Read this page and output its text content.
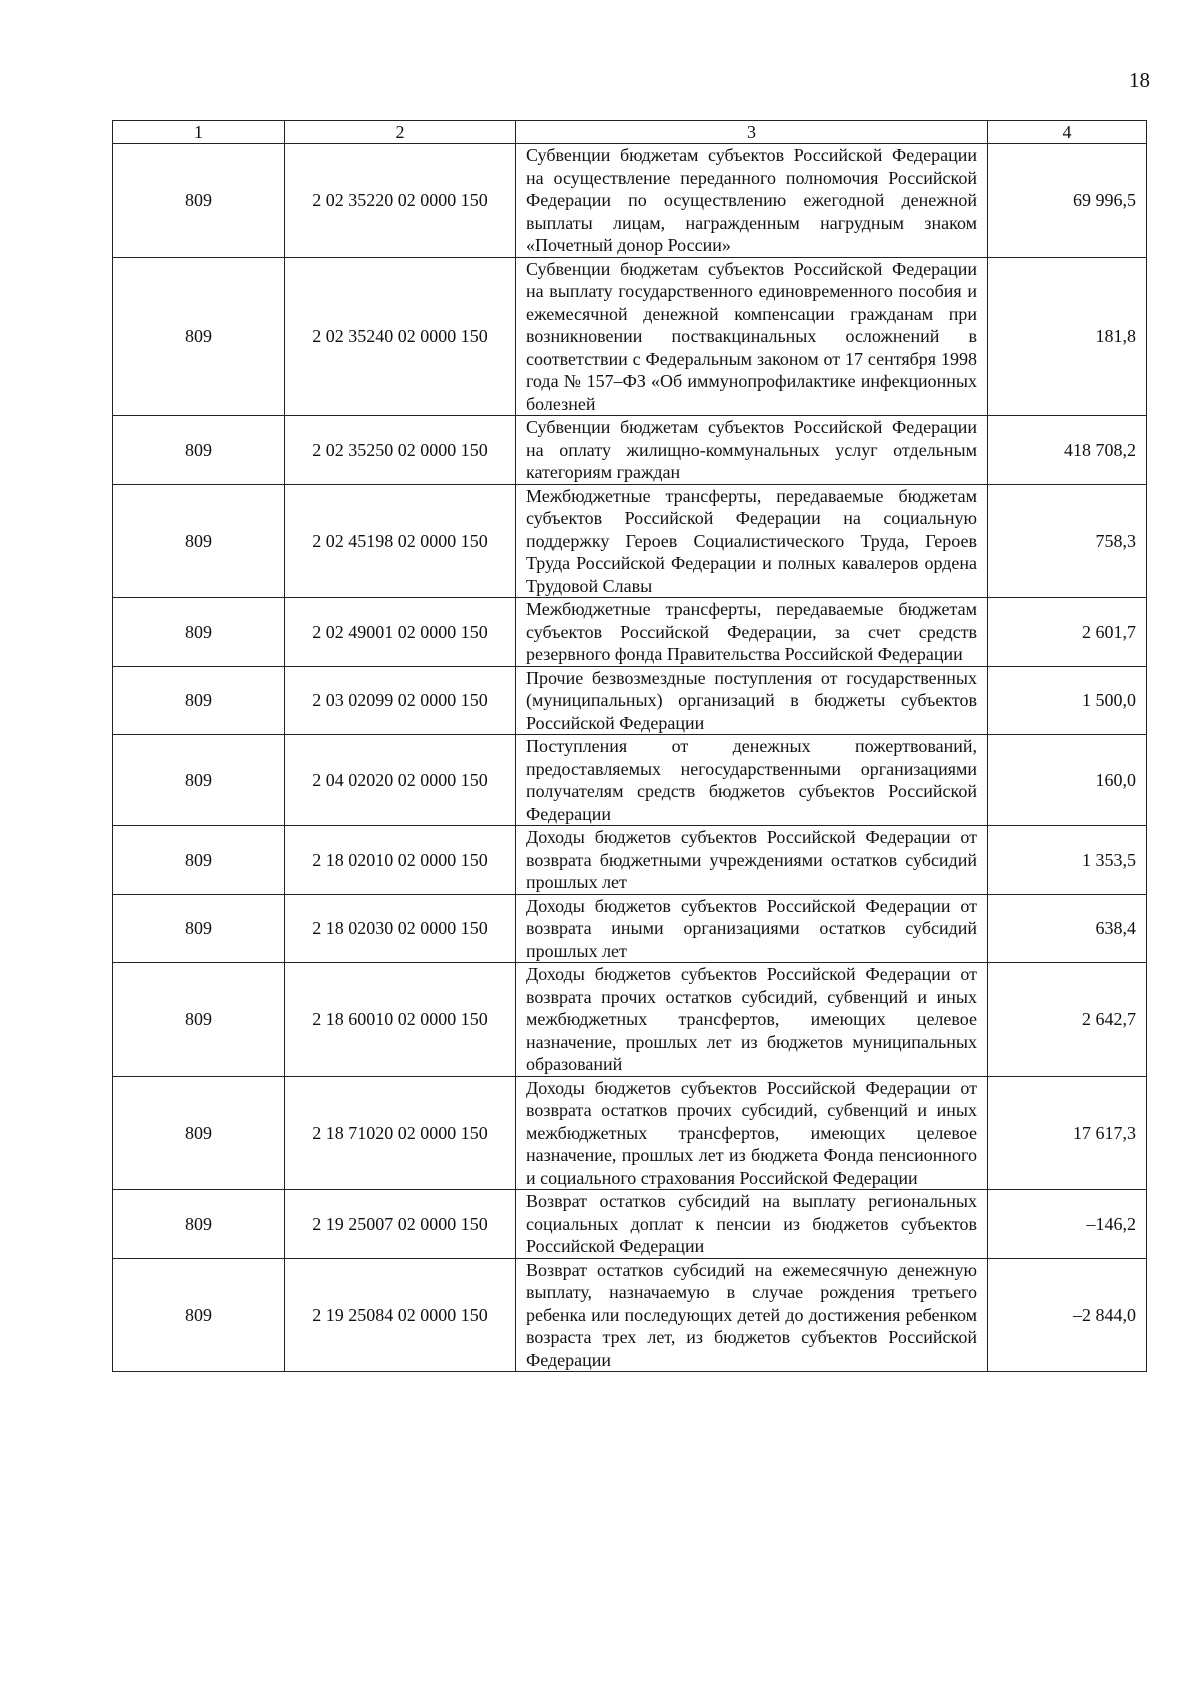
18
1	2	3	4
809	2 02 35220 02 0000 150	Субвенции бюджетам субъектов Российской Федерации на осуществление переданного полномочия Российской Федерации по осуществлению ежегодной денежной выплаты лицам, награжденным нагрудным знаком «Почетный донор России»	69 996,5
809	2 02 35240 02 0000 150	Субвенции бюджетам субъектов Российской Федерации на выплату государственного единовременного пособия и ежемесячной денежной компенсации гражданам при возникновении поствакцинальных осложнений в соответствии с Федеральным законом от 17 сентября 1998 года № 157–ФЗ «Об иммунопрофилактике инфекционных болезней	181,8
809	2 02 35250 02 0000 150	Субвенции бюджетам субъектов Российской Федерации на оплату жилищно-коммунальных услуг отдельным категориям граждан	418 708,2
809	2 02 45198 02 0000 150	Межбюджетные трансферты, передаваемые бюджетам субъектов Российской Федерации на социальную поддержку Героев Социалистического Труда, Героев Труда Российской Федерации и полных кавалеров ордена Трудовой Славы	758,3
809	2 02 49001 02 0000 150	Межбюджетные трансферты, передаваемые бюджетам субъектов Российской Федерации, за счет средств резервного фонда Правительства Российской Федерации	2 601,7
809	2 03 02099 02 0000 150	Прочие безвозмездные поступления от государственных (муниципальных) организаций в бюджеты субъектов Российской Федерации	1 500,0
809	2 04 02020 02 0000 150	Поступления от денежных пожертвований, предоставляемых негосударственными организациями получателям средств бюджетов субъектов Российской Федерации	160,0
809	2 18 02010 02 0000 150	Доходы бюджетов субъектов Российской Федерации от возврата бюджетными учреждениями остатков субсидий прошлых лет	1 353,5
809	2 18 02030 02 0000 150	Доходы бюджетов субъектов Российской Федерации от возврата иными организациями остатков субсидий прошлых лет	638,4
809	2 18 60010 02 0000 150	Доходы бюджетов субъектов Российской Федерации от возврата прочих остатков субсидий, субвенций и иных межбюджетных трансфертов, имеющих целевое назначение, прошлых лет из бюджетов муниципальных образований	2 642,7
809	2 18 71020 02 0000 150	Доходы бюджетов субъектов Российской Федерации от возврата остатков прочих субсидий, субвенций и иных межбюджетных трансфертов, имеющих целевое назначение, прошлых лет из бюджета Фонда пенсионного и социального страхования Российской Федерации	17 617,3
809	2 19 25007 02 0000 150	Возврат остатков субсидий на выплату региональных социальных доплат к пенсии из бюджетов субъектов Российской Федерации	–146,2
809	2 19 25084 02 0000 150	Возврат остатков субсидий на ежемесячную денежную выплату, назначаемую в случае рождения третьего ребенка или последующих детей до достижения ребенком возраста трех лет, из бюджетов субъектов Российской Федерации	–2 844,0
